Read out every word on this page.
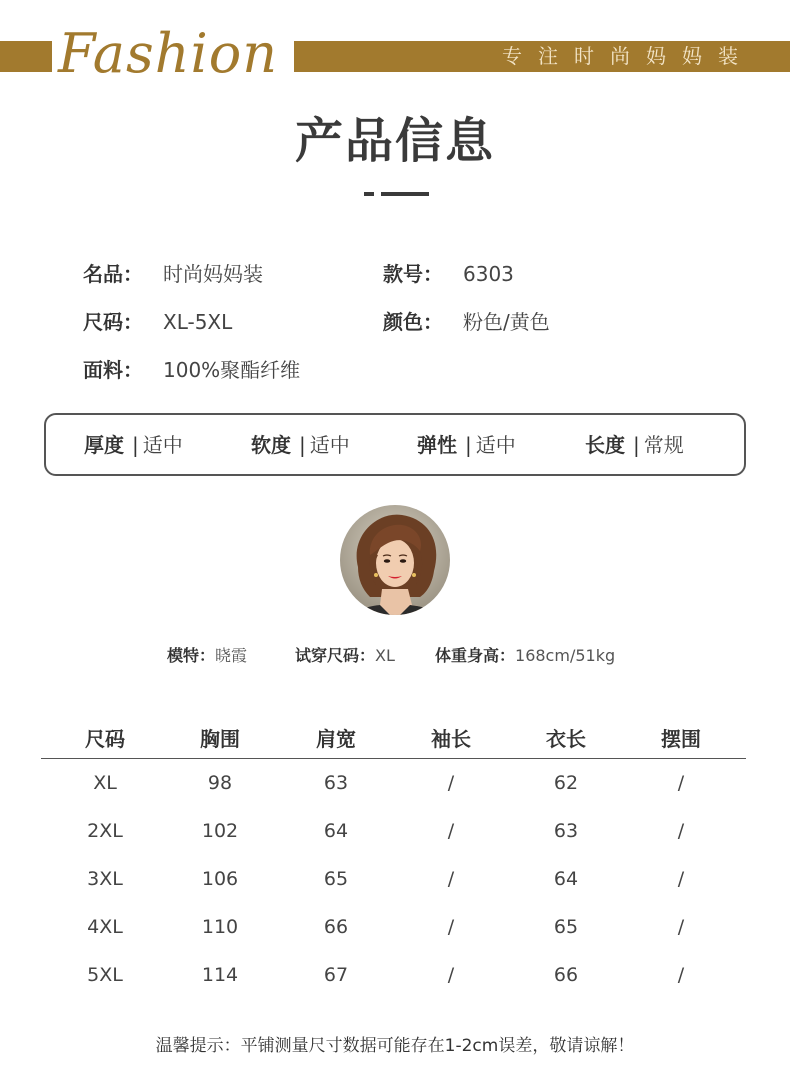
Fashion	专注时尚妈妈装
产品信息
名品： 时尚妈妈装	款号： 6303
尺码： XL-5XL	颜色： 粉色/黄色
面料： 100%聚酯纤维
厚度 | 适中	软度 | 适中	弹性 | 适中	长度 | 常规
模特：晓霞	试穿尺码：XL	体重身高：168cm/51kg
尺码	胸围	肩宽	袖长	衣长	摆围
XL	98	63	/	62	/
2XL	102	64	/	63	/
3XL	106	65	/	64	/
4XL	110	66	/	65	/
5XL	114	67	/	66	/
温馨提示：平铺测量尺寸数据可能存在1-2cm误差，敬请谅解！
